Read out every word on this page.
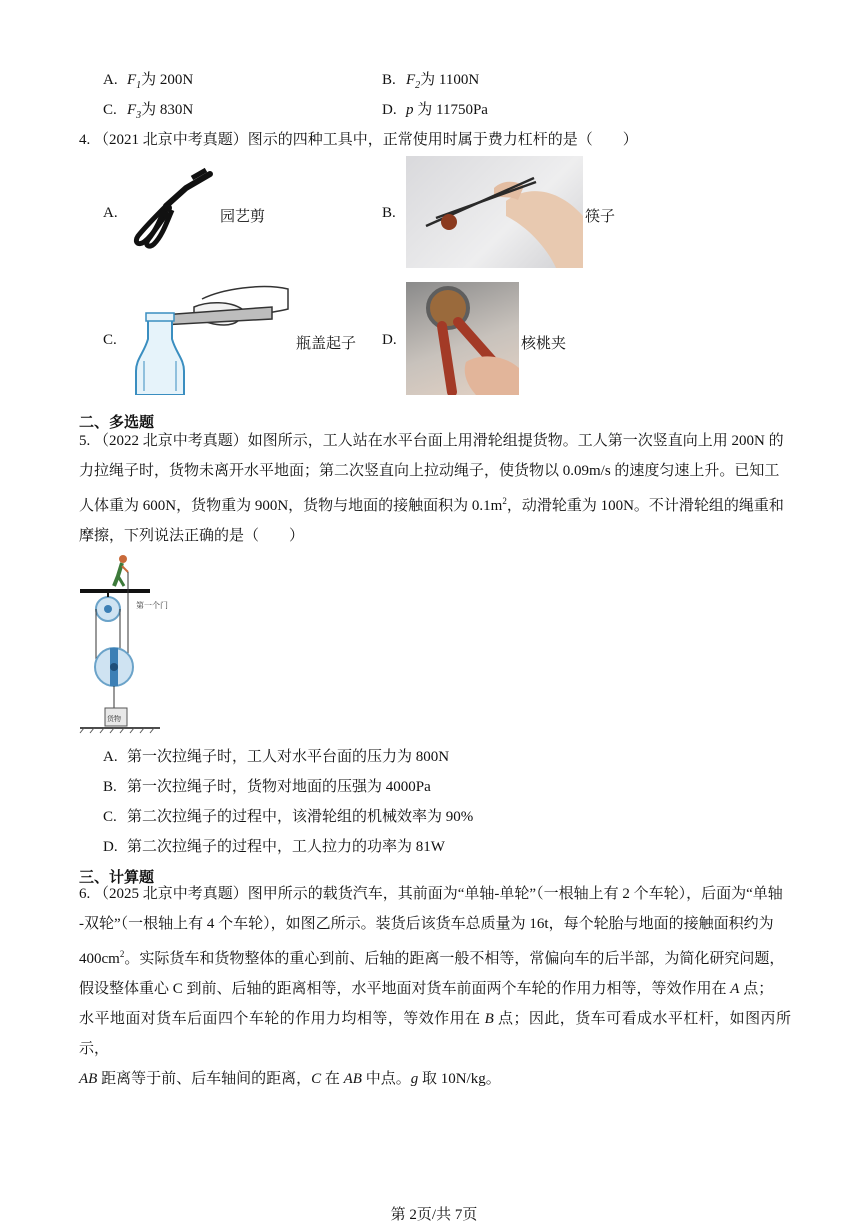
A. $F_1$为 200N	B. $F_2$为 1100N
C. $F_3$为 830N	D. p 为 11750Pa
4. （2021 北京中考真题）图示的四种工具中，正常使用时属于费力杠杆的是（　　）
A.	园艺剪	B.	筷子
C.	瓶盖起子 D.	核桃夹
二、多选题
5. （2022 北京中考真题）如图所示，工人站在水平台面上用滑轮组提货物。工人第一次竖直向上用 200N 的
力拉绳子时，货物未离开水平地面；第二次竖直向上拉动绳子，使货物以 0.09m/s 的速度匀速上升。已知工
人体重为 600N，货物重为 900N，货物与地面的接触面积为 $0.1m^2$，动滑轮重为 100N。不计滑轮组的绳重和
摩擦，下列说法正确的是（　　）
第一个门
货物
A. 第一次拉绳子时，工人对水平台面的压力为 800N
B. 第一次拉绳子时，货物对地面的压强为 4000Pa
C. 第二次拉绳子的过程中，该滑轮组的机械效率为 90%
D. 第二次拉绳子的过程中，工人拉力的功率为 81W
三、计算题
6. （2025 北京中考真题）图甲所示的载货汽车，其前面为“单轴-单轮”（一根轴上有 2 个车轮），后面为“单轴
-双轮”（一根轴上有 4 个车轮），如图乙所示。装货后该货车总质量为 16t，每个轮胎与地面的接触面积约为
$400cm^2$。实际货车和货物整体的重心到前、后轴的距离一般不相等，常偏向车的后半部，为简化研究问题，
假设整体重心 C 到前、后轴的距离相等，水平地面对货车前面两个车轮的作用力相等，等效作用在 A 点；
水平地面对货车后面四个车轮的作用力均相等，等效作用在 B 点；因此，货车可看成水平杠杆，如图丙所示，
AB 距离等于前、后车轴间的距离，C 在 AB 中点。g 取 10N/kg。
第 2页/共 7页
